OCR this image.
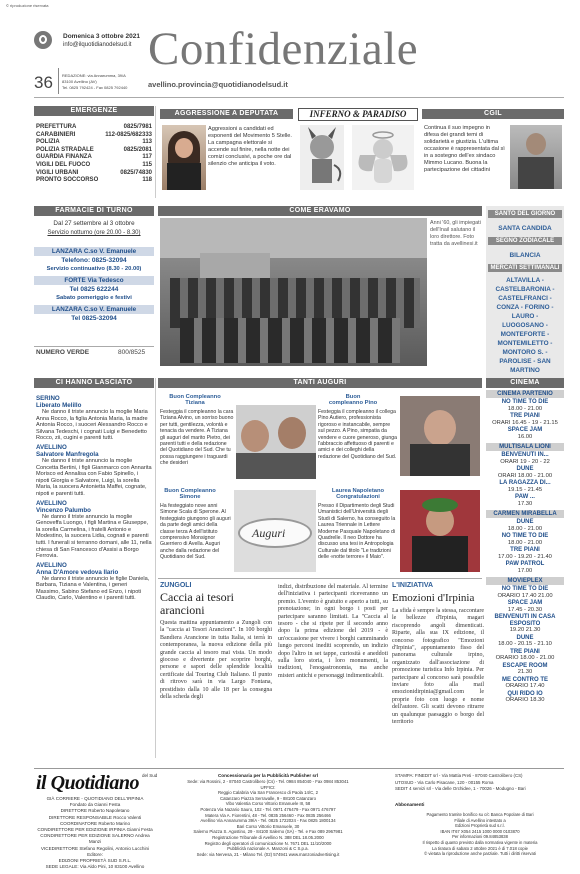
© riproduzione riservata
Domenica 3 ottobre 2021
info@ilquotidianodelsud.it Confidenziale
36 REDAZIONE: via Annarumma, 39/A
83100 Avellino (AV)
Tel. 0825 792424 - Fax 0825 792440	avellino.provincia@quotidianodelsud.it
EMERGENZE
PREFETTURA	0825/7981
CARABINIERI	112-0825/682333
POLIZIA	113
POLIZIA STRADALE	0825/2081
GUARDIA FINANZA	117
VIGILI DEL FUOCO	115
VIGILI URBANI	0825/74830
PRONTO SOCCORSO	118
AGGRESSIONE A DEPUTATA
Aggressioni a candidati ed esponenti del Movimento 5 Stelle. La campagna elettorale si accende sul finire, nella notte dei comizi conclusivi, a poche ore dal silenzio che anticipa il voto.
INFERNO & PARADISO	CGIL
Continua il suo impegno in difesa dei grandi temi di solidarietà e giustizia. L'ultima occasione è rappresentata dal sì in a sostegno dell'ex sindaco Mimmo Lucano. Buona la partecipazione dei cittadini
FARMACIE DI TURNO
Dal 27 settembre al 3 ottobre
Servizio notturno (ore 20.00 - 8.30)
LANZARA C.so V. Emanuele
Telefono: 0825-32094
Servizio continuativo (8.30 - 20.00)
FORTE Via Tedesco
Tel 0825 622244
Sabato pomeriggio e festivi
LANZARA C.so V. Emanuele
Tel 0825-32094
NUMERO VERDE	800/8525
COME ERAVAMO
Anni '60, gli impiegati dell'Inail salutano il loro direttore. Foto tratta da avellinesi.it
SANTO DEL GIORNO
SANTA CANDIDA
SEGNO ZODIACALE
BILANCIA
MERCATI SETTIMANALI
ALTAVILLA - CASTELBARONIA - CASTELFRANCI - CONZA - FORINO - LAURO - LUOGOSANO - MONTEFORTE - MONTEMILETTO - MONTORO S. - PAROLISE - SAN MARTINO
CI HANNO LASCIATO
SERINO
Liberato Melillo
Ne danno il triste annuncio la moglie Maria Anna Rocco, la figlia Antonia Maria, la madre Antonia Rocco, i suoceri Alessandro Rocco e Silvana Tedeschi, i cognati Luigi e Benedetto Rocco, zii, cugini e parenti tutti.
AVELLINO
Salvatore Manfregola
Ne danno il triste annuncio la moglie Concetta Bertini, i figli Gianmarco con Annarita Morisco ed Annalisa con Fabio Spinello, i nipoti Giorgia e Salvatore, Luigi, la sorella Maria, la suocera Antonietta Maffei, cognate, nipoti e parenti tutti.
AVELLINO
Vincenzo Palumbo
Ne danno il triste annuncio la moglie Genoveffa Luongo, i figli Martina e Giuseppe, la sorella Carmelina, i fratelli Antonio e Modestino, la suocera Lidia, cognati e parenti tutti. I funerali si terranno domani, alle 11, nella chiesa di San Francesco d'Assisi a Borgo Ferrovia.
AVELLINO
Anna D'Amore vedova Ilario
Ne danno il triste annuncio le figlie Daniela, Barbara, Tiziana e Valentina, i generi Massimo, Sabino Stefano ed Enzo, i nipoti Claudio, Carlo, Valentino e i parenti tutti.
TANTI AUGURI
Buon Compleanno Tiziana
Festeggia il compleanno la cara Tiziana Alvino, un sorriso buono per tutti, gentilezza, volontà e tenacia da vendere. A Tiziana gli auguri del marito Pietro, dei parenti tutti e della redazione del Quotidiano del Sud. Che tu possa raggiungere i traguardi che desideri
Buon compleanno Pino
Festeggia il compleanno il collega Pino Autiero, professionista rigoroso e instancabile, sempre sul pezzo. A Pino, simpatia da vendere e cuore generoso, giunga l'abbraccio affettuoso di parenti e amici e dei colleghi della redazione del Quotidiano del Sud.
Buon Compleanno Simone
Ha festeggiato nove anni Simone Scala di Sperone. Al festeggiato giungono gli auguri da parte degli amici della classe terza A dell'istituto comprensivo Monsignor Guerriero di Avella. Auguri anche dalla redazione del Quotidiano del Sud.
Auguri
Laurea Napoletano Congratulazioni
Presso il Dipartimento degli Studi Umanistici dell'Università degli Studi di Salerno, ha conseguito la Laurea Triennale in Lettere Moderne Pasquale Napoletano di Quadrelle. Il neo Dottore ha discusso una tesi in Antropologia Culturale dal titolo "Le tradizioni delle «notte terrore» il Maio".
ZUNGOLI
Caccia ai tesori arancioni
Questa mattina appuntamento a Zungoli con la "caccia ai Tesori Arancioni". In 100 borghi Bandiera Arancione in tutta Italia, si terrà in contemporanea, la nuova edizione della più grande caccia al tesoro mai vista. Un modo giocoso e divertente per scoprire borghi, persone e sapori delle splendide località certificate dal Touring Club Italiano. Il punto di ritrovo sarà in via Largo Fontana, prestidisto dalla 10 alle 18 per la consegna della scheda degli
indizi, distribuzione del materiale. Al termine dell'iniziativa i partecipanti riceveranno un premio. L'evento è gratuito e aperto a tutti, su prenotazione; in ogni borgo i posti per partecipare saranno limitati. La "Caccia al tesoro - che si ripete per il secondo anno dopo la prima edizione del 2019 - è un'occasione per vivere i borghi camminando lungo percorsi inediti scoprendo, un indizio dopo l'altro in set tappe, curiosità e aneddoti sulla loro storia, i loro monumenti, la tradizioni, l'enogastronomia, ma anche misteri antichi e personaggi indimenticabili.
L'INIZIATIVA
Emozioni d'Irpinia
La sfida è sempre la stessa, raccontare le bellezze d'Irpinia, magari riscoprendo angoli dimenticati. Riparte, alla sua IX edizione, il concorso fotografico "Emozioni d'Irpinia", appuntamento fisso del panorama culturale irpino, organizzato dall'associazione di promozione turistica Info Irpinia. Per partecipare al concorso sarà possibile inviare foto alla mail emozionidirpinia@gmail.com le proprie foto con luogo e nome dell'autore. Gli scatti devono ritrarre un qualunque paesaggio o borgo del territorio
CINEMA
CINEMA PARTENIO
NO TIME TO DIE
18.00 - 21.00
TRE PIANI
ORARI 16.45 - 19 - 21.15
SPACE JAM
16.00
MULTISALA LIONI
BENVENUTI IN...
ORARI 19 - 20 - 22
DUNE
ORARI 18.00 - 21.00
LA RAGAZZA DI...
19.15 - 21.45
PAW ...
17.30
CARMEN MIRABELLA
DUNE
18.00 - 21.00
NO TIME TO DIE
18.00 - 21.00
TRE PIANI
17.00 - 19.20 - 21.40
PAW PATROL
17.00
MOVIEPLEX
NO TIME TO DIE
ORARIO 17.40 21.00
SPACE JAM
17.45 - 20.30
BENVENUTI IN CASA ESPOSITO
19.20 21.30
DUNE
18.00 - 20.15 - 21.10
TRE PIANI
ORARIO 18.00 - 21.00
ESCAPE ROOM
21.30
ME CONTRO TE
ORARIO 17.40
QUI RIDO IO
ORARIO 18.30
il Quotidiano del Sud
GIÀ CORRIERE - QUOTIDIANO DELL'IRPINIA
Fondato da Gianni Festa
DIRETTORE Roberto Napoletano
DIRETTORE RESPONSABILE Rocco Valenti
COORDINATORE Roberto Marino
CONDIRETTORE PER EDIZIONE IRPINIA Gianni Festa
CONDIRETTORE PER EDIZIONE SALERNO Andrea Manzi
VICEDIRETTORE Stefano Regolini, Antonio Lucchini
Editore:
EDIZIONI PROPRIETÀ SUD S.R.L.
SEDE LEGALE: Via Aldo Pini, 10 83100 Avellino
Concessionaria per la Pubblicità Publisher srl
Sede: via Rossini, 2 - 87040 Castrolibero (Cs) - Tel. 0984 854040 - Fax 0984 853041
UFFICI:
Reggio Calabria Via San Francesco di Paola 14/C, 2
Catanzaro Piazza Serravalle, 9 - 88100 Catanzaro
Vibo Valentia Corso Vittorio Emanuele III, 58
Potenza Via Nazario Sauro, 102 - Tel. 0971 476479 - Fax 0971 476797
Matera Via A. Fiorentini, 48 - Tel. 0835 256460 - Fax 0835 256466
Avellino Via Annarumma 39/A - Tel. 0825 1722024 - Fax 0825 1800134
Bari Corso Vittorio Emanuele, 30
Salerno Piazza S. Agostino, 29 - 84100 Salerno (SA) - Tel. e Fax 089 2967981
Registrazione Tribunale di Avellino N. 388 DEL 18.05.2000
Registro degli operatori di comunicazione N. 7671 DEL 11/10/2000
Pubblicità nazionale A. Manzoni & C S.p.a.
Sede: via Nervesa, 21 - Milano Tel. (02) 574941 www.manzoniadvertising.it
STAMPA: FINEDIT srl - Via Mattia Preti - 87040 Castrolibero (CS)
UTOSUD - Via Carlo Pisacane, 120 - 00155 Roma
SEDIT 4 servizi srl - Via delle Orchidee, 1 - 70026 - Modugno - Bari
Abbonamenti
Pagamento tramite bonifico su c/c Banca Popolare di Bari
Filiale di Avellino intestato a
Edizioni Proprietà sud s.r.l.
IBAN IT67 X054 2415 1000 0000 0103870
Per informazioni 09.84853838
Il rispetto di quanto previsto dalla normativa vigente in materia
La tiratura di sabato 2 ottobre 2021 è di 7.018 copie
© vietata la riproduzione anche parziale. Tutti i diritti riservati
